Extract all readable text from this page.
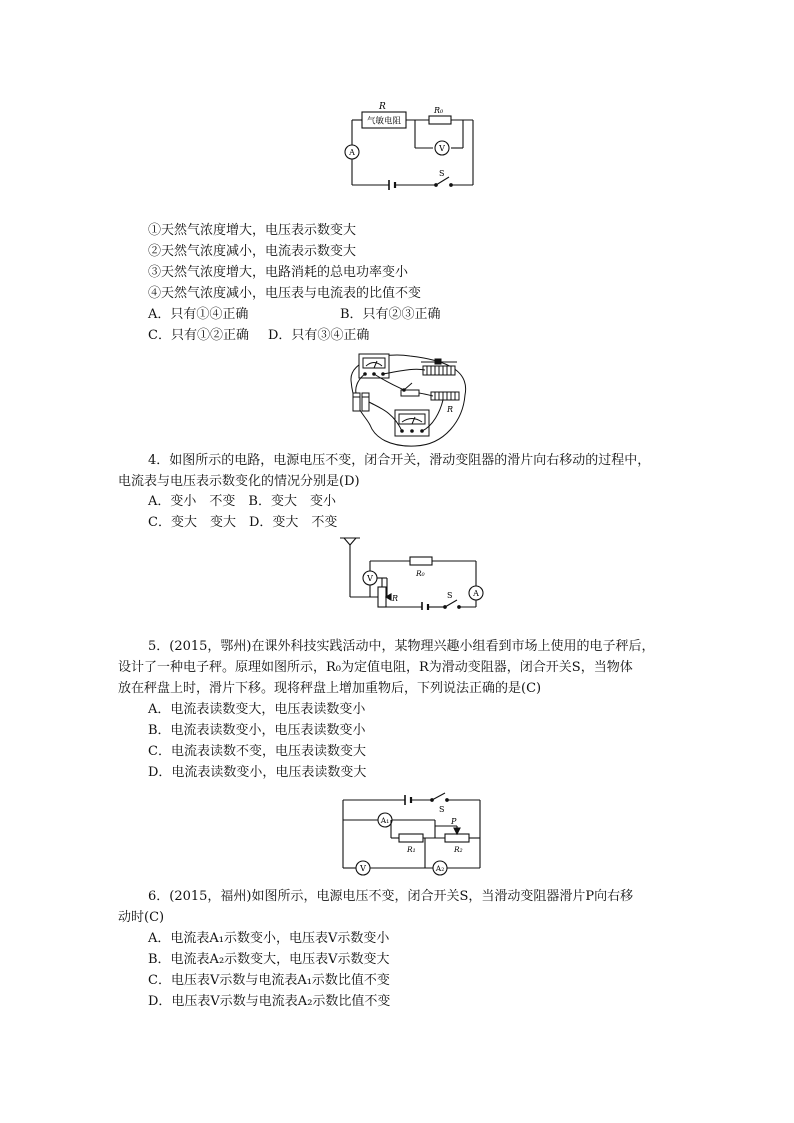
R
气敏电阻
R₀
A	V
S
①天然气浓度增大，电压表示数变大
②天然气浓度减小，电流表示数变大
③天然气浓度增大，电路消耗的总电功率变小
④天然气浓度减小，电压表与电流表的比值不变
A．只有①④正确	B．只有②③正确
C．只有①②正确 D．只有③④正确
R
4．如图所示的电路，电源电压不变，闭合开关，滑动变阻器的滑片向右移动的过程中，
电流表与电压表示数变化的情况分别是(D)
A．变小　不变　B．变大　变小
C．变大　变大　D．变大　不变
V
R₀
R
A
S
5．(2015，鄂州)在课外科技实践活动中，某物理兴趣小组看到市场上使用的电子秤后，
设计了一种电子秤。原理如图所示，R₀为定值电阻，R为滑动变阻器，闭合开关S，当物体
放在秤盘上时，滑片下移。现将秤盘上增加重物后，下列说法正确的是(C)
A．电流表读数变大，电压表读数变小
B．电流表读数变小，电压表读数变小
C．电流表读数不变，电压表读数变大
D．电流表读数变小，电压表读数变大
S
A₁	P
R₁	R₂
V	A₂
6．(2015，福州)如图所示，电源电压不变，闭合开关S，当滑动变阻器滑片P向右移
动时(C)
A．电流表A₁示数变小，电压表V示数变小
B．电流表A₂示数变大，电压表V示数变大
C．电压表V示数与电流表A₁示数比值不变
D．电压表V示数与电流表A₂示数比值不变
